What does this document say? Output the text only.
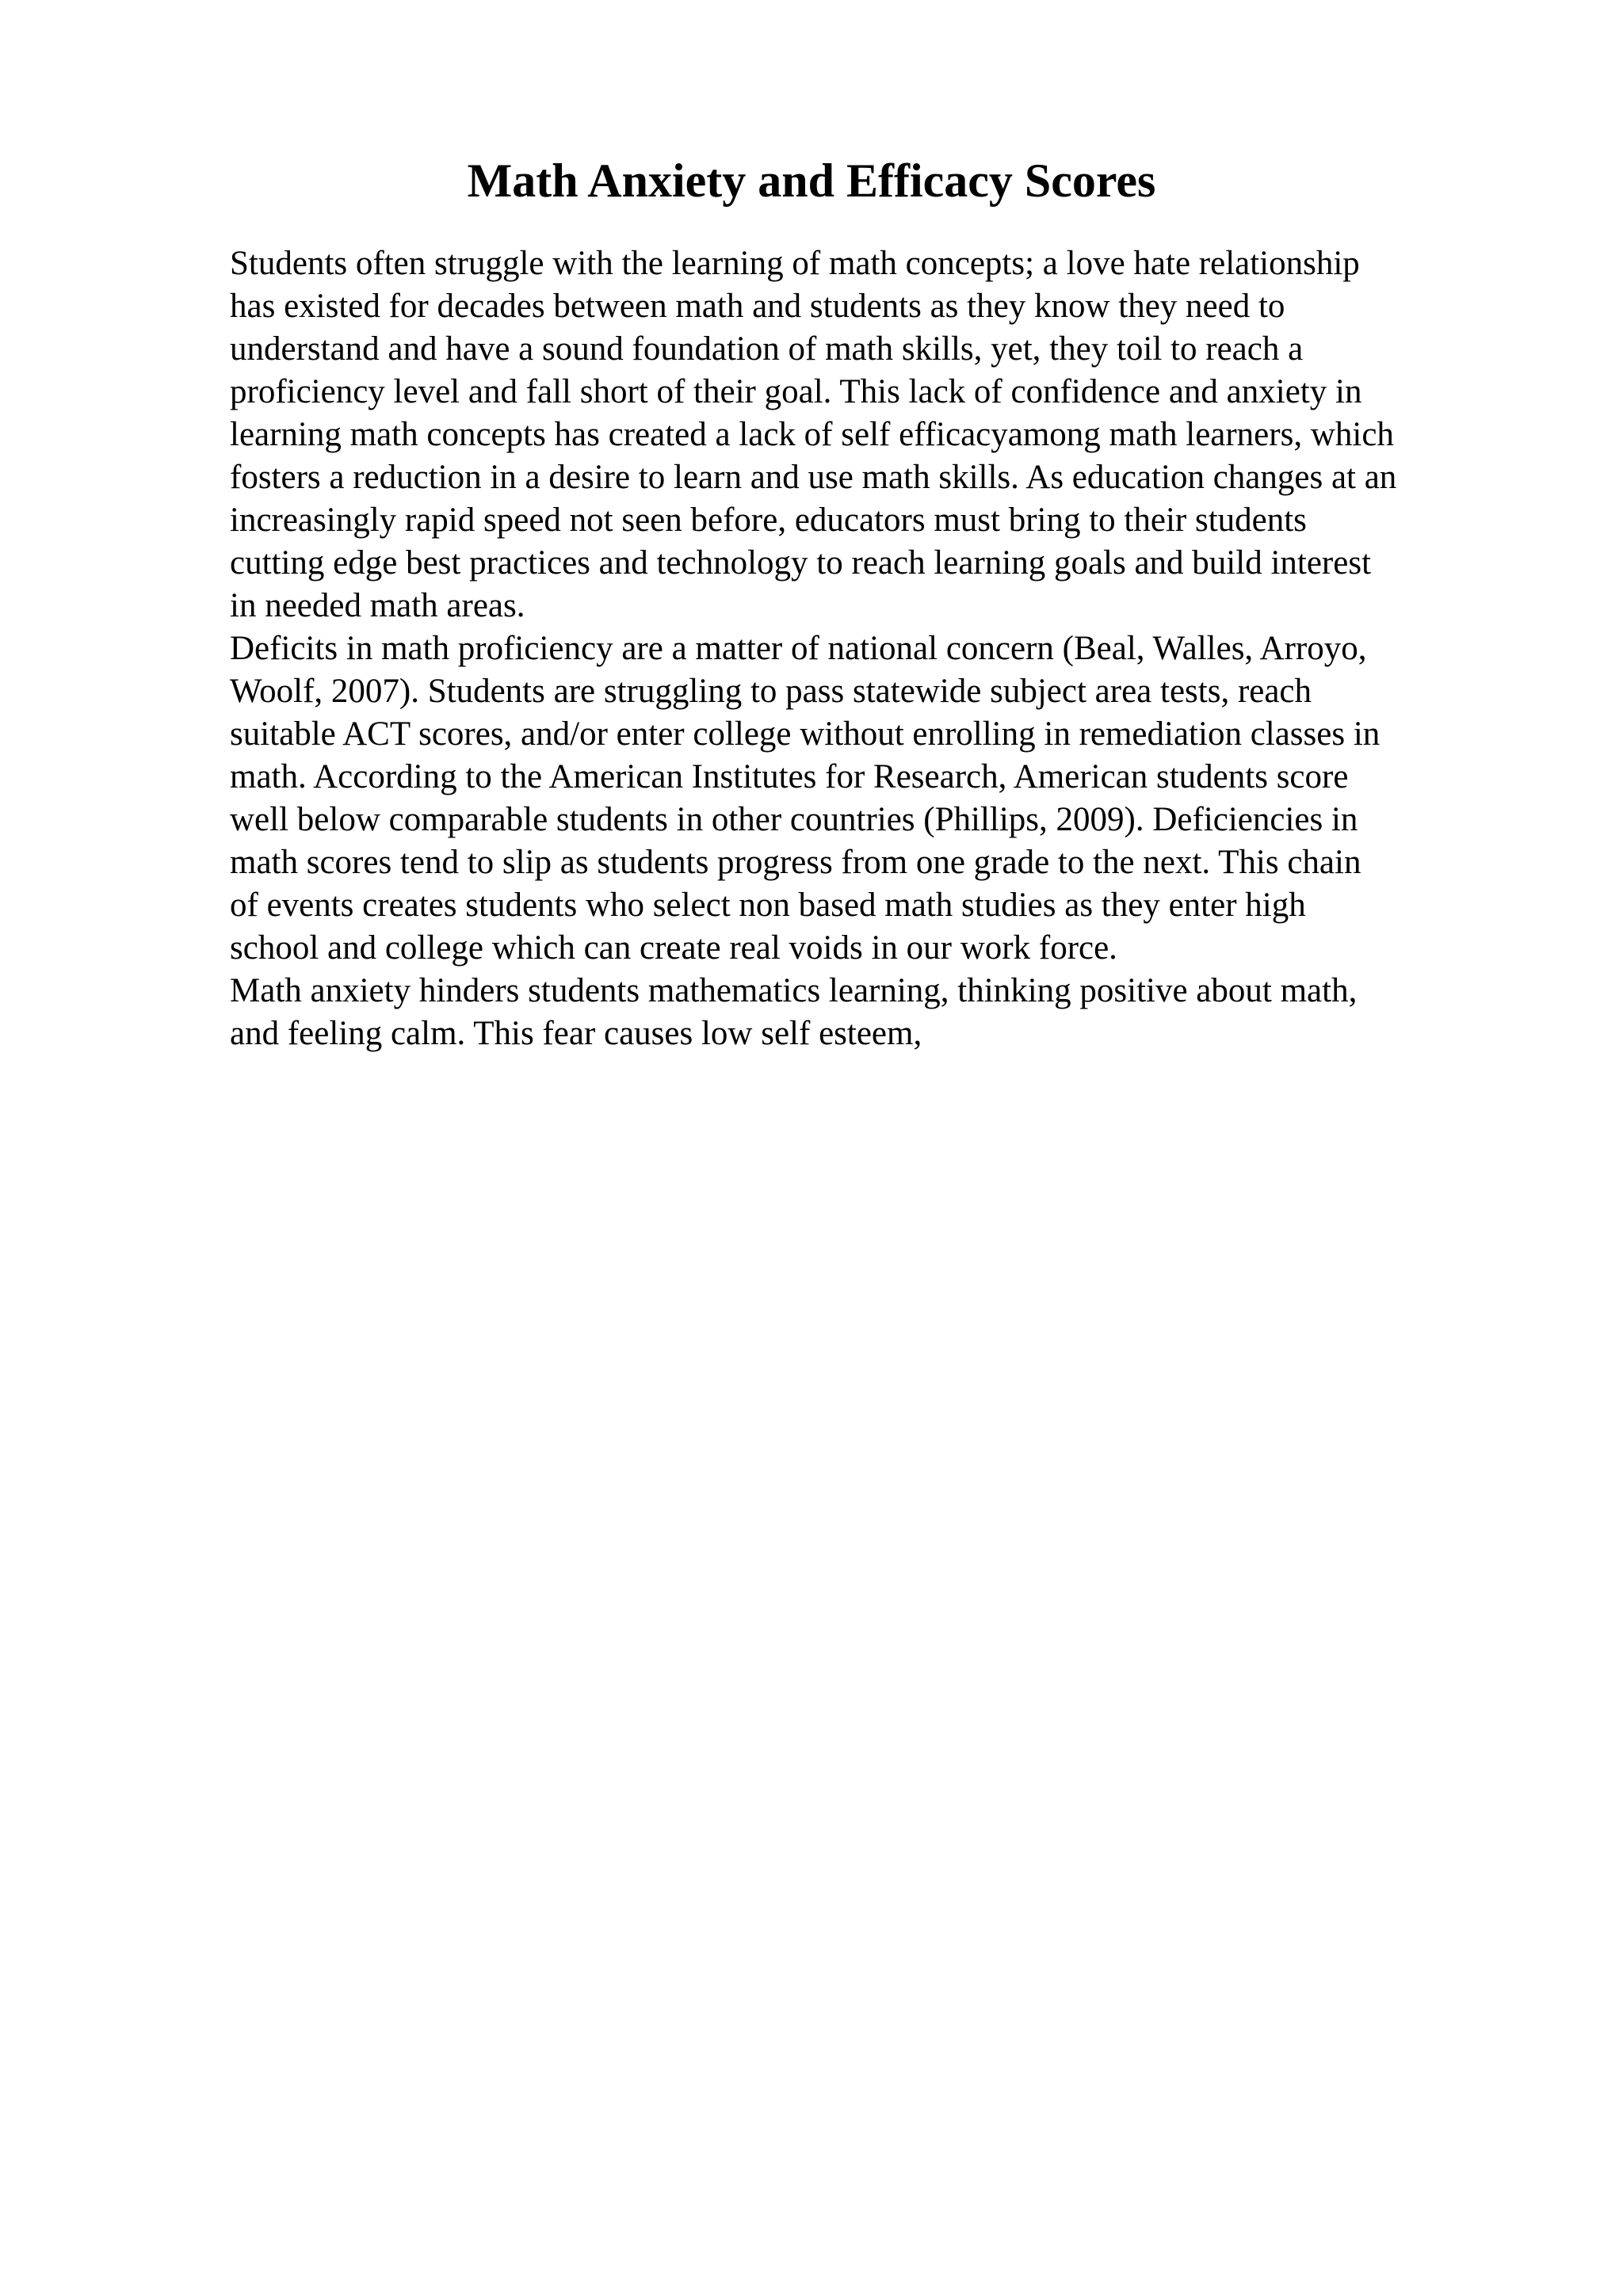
Math Anxiety and Efficacy Scores
Students often struggle with the learning of math concepts; a love hate relationship
has existed for decades between math and students as they know they need to
understand and have a sound foundation of math skills, yet, they toil to reach a
proficiency level and fall short of their goal. This lack of confidence and anxiety in
learning math concepts has created a lack of self efficacyamong math learners, which
fosters a reduction in a desire to learn and use math skills. As education changes at an
increasingly rapid speed not seen before, educators must bring to their students
cutting edge best practices and technology to reach learning goals and build interest
in needed math areas.
Deficits in math proficiency are a matter of national concern (Beal, Walles, Arroyo,
Woolf, 2007). Students are struggling to pass statewide subject area tests, reach
suitable ACT scores, and/or enter college without enrolling in remediation classes in
math. According to the American Institutes for Research, American students score
well below comparable students in other countries (Phillips, 2009). Deficiencies in
math scores tend to slip as students progress from one grade to the next. This chain
of events creates students who select non based math studies as they enter high
school and college which can create real voids in our work force.
Math anxiety hinders students mathematics learning, thinking positive about math,
and feeling calm. This fear causes low self esteem,
